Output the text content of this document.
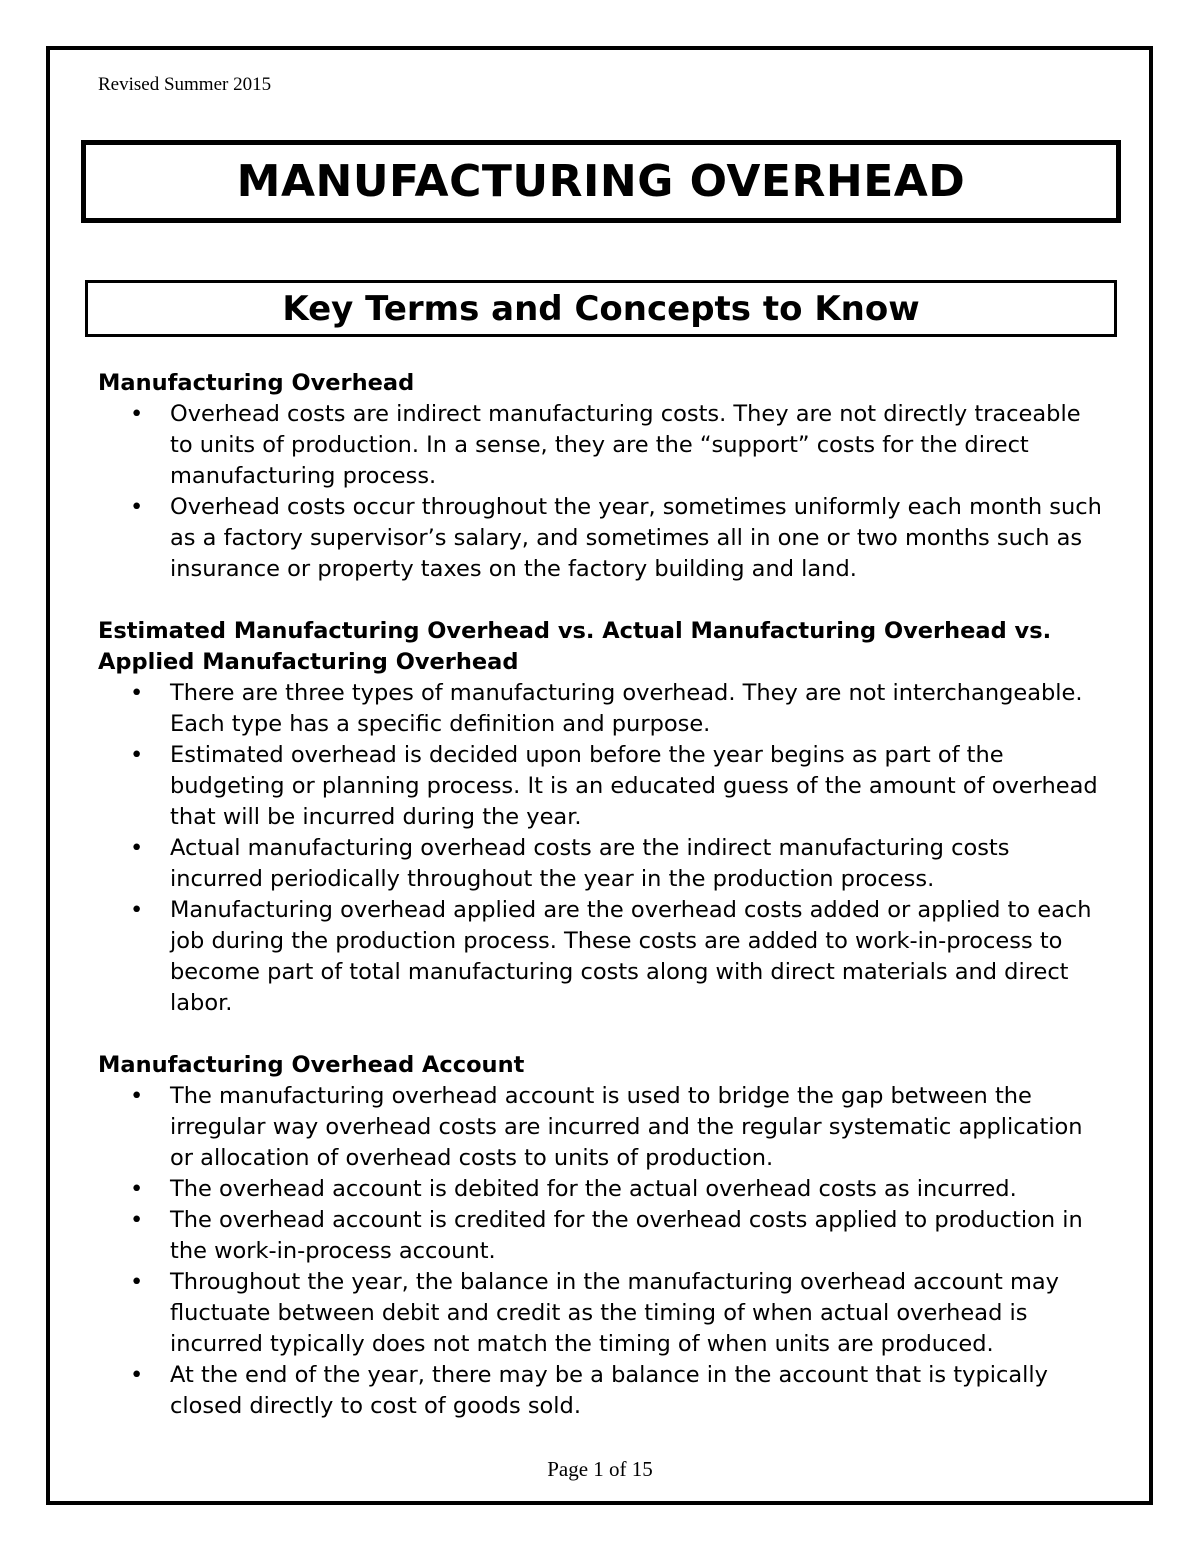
Revised Summer 2015
MANUFACTURING OVERHEAD
Key Terms and Concepts to Know

Manufacturing Overhead

• Overhead costs are indirect manufacturing costs. They are not directly traceable to units of production. In a sense, they are the “support” costs for the direct manufacturing process.
• Overhead costs occur throughout the year, sometimes uniformly each month such as a factory supervisor’s salary, and sometimes all in one or two months such as insurance or property taxes on the factory building and land.

Estimated Manufacturing Overhead vs. Actual Manufacturing Overhead vs. Applied Manufacturing Overhead

• There are three types of manufacturing overhead. They are not interchangeable. Each type has a specific definition and purpose.
• Estimated overhead is decided upon before the year begins as part of the budgeting or planning process. It is an educated guess of the amount of overhead that will be incurred during the year.
• Actual manufacturing overhead costs are the indirect manufacturing costs incurred periodically throughout the year in the production process.
• Manufacturing overhead applied are the overhead costs added or applied to each job during the production process. These costs are added to work-in-process to become part of total manufacturing costs along with direct materials and direct labor.

Manufacturing Overhead Account

• The manufacturing overhead account is used to bridge the gap between the irregular way overhead costs are incurred and the regular systematic application or allocation of overhead costs to units of production.
• The overhead account is debited for the actual overhead costs as incurred.
• The overhead account is credited for the overhead costs applied to production in the work-in-process account.
• Throughout the year, the balance in the manufacturing overhead account may fluctuate between debit and credit as the timing of when actual overhead is incurred typically does not match the timing of when units are produced.
• At the end of the year, there may be a balance in the account that is typically closed directly to cost of goods sold.
Page 1 of 15
